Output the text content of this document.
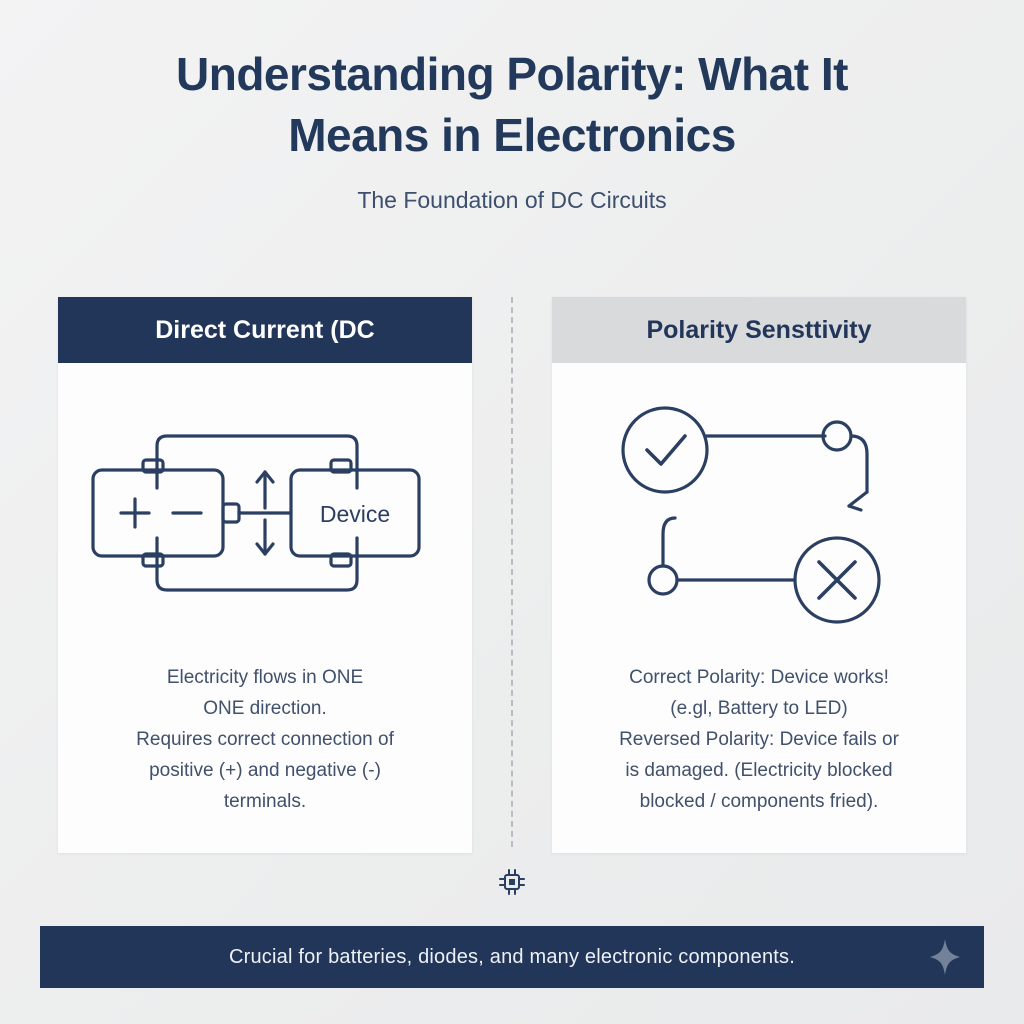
Understanding Polarity: What It Means in Electronics
The Foundation of DC Circuits
Direct Current (DC
Device

Electricity flows in ONE

ONE direction.

Requires correct connection of

positive (+) and negative (-)

terminals.

Polarity Sensttivity

Correct Polarity: Device works!

(e.gl, Battery to LED)

Reversed Polarity: Device fails or

is damaged. (Electricity blocked

blocked / components fried).

Crucial for batteries, diodes, and many electronic components.
